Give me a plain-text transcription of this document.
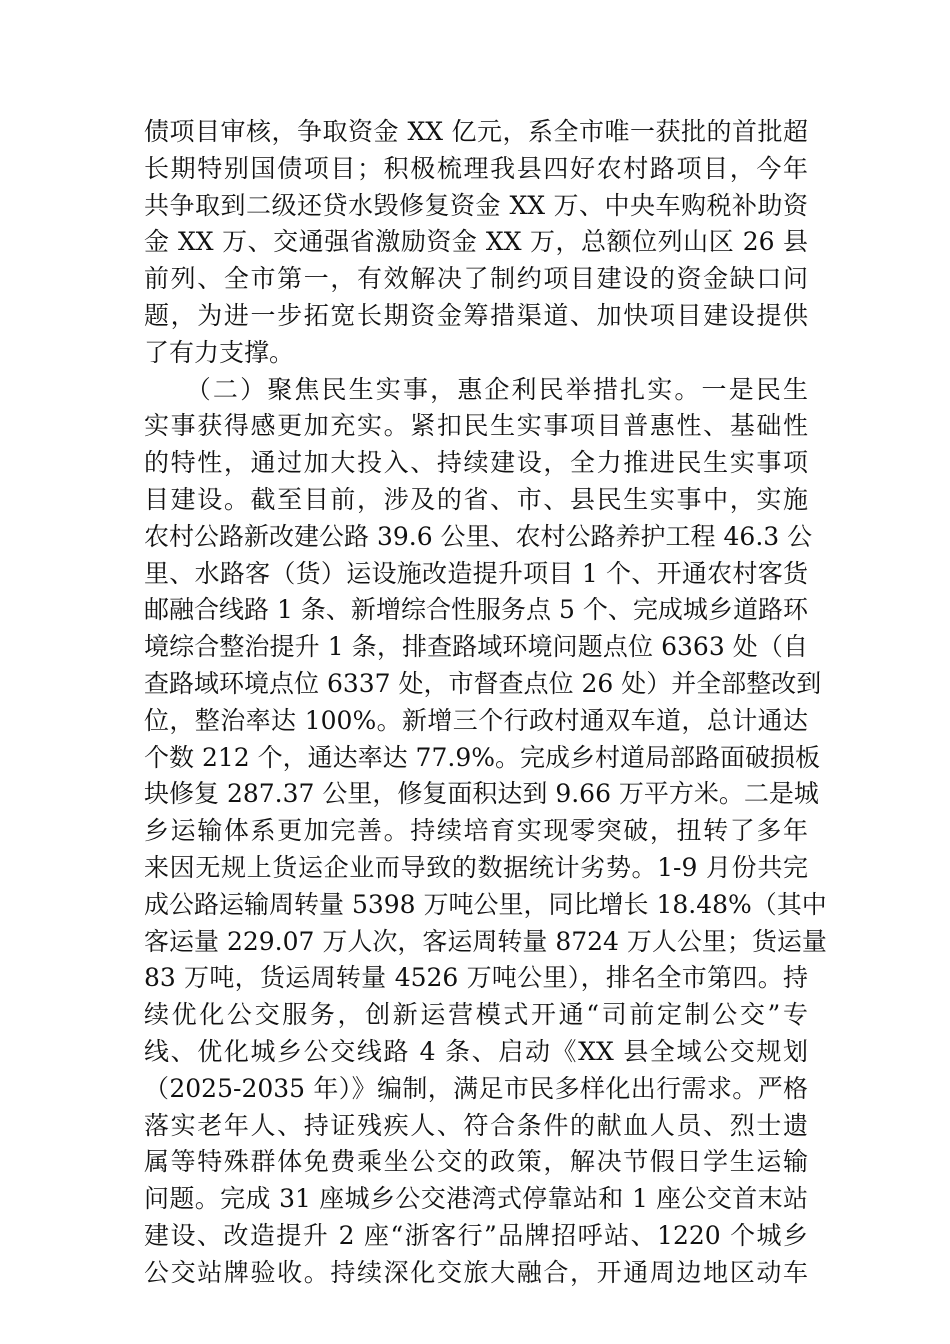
债项目审核，争取资金 XX 亿元，系全市唯一获批的首批超
长期特别国债项目；积极梳理我县四好农村路项目，今年
共争取到二级还贷水毁修复资金 XX 万、中央车购税补助资
金 XX 万、交通强省激励资金 XX 万，总额位列山区 26 县
前列、全市第一，有效解决了制约项目建设的资金缺口问
题，为进一步拓宽长期资金筹措渠道、加快项目建设提供
了有力支撑。
　　（二）聚焦民生实事，惠企利民举措扎实。一是民生
实事获得感更加充实。紧扣民生实事项目普惠性、基础性
的特性，通过加大投入、持续建设，全力推进民生实事项
目建设。截至目前，涉及的省、市、县民生实事中，实施
农村公路新改建公路 39.6 公里、农村公路养护工程 46.3 公
里、水路客（货）运设施改造提升项目 1 个、开通农村客货
邮融合线路 1 条、新增综合性服务点 5 个、完成城乡道路环
境综合整治提升 1 条，排查路域环境问题点位 6363 处（自
查路域环境点位 6337 处，市督查点位 26 处）并全部整改到
位，整治率达 100%。新增三个行政村通双车道，总计通达
个数 212 个，通达率达 77.9%。完成乡村道局部路面破损板
块修复 287.37 公里，修复面积达到 9.66 万平方米。二是城
乡运输体系更加完善。持续培育实现零突破，扭转了多年
来因无规上货运企业而导致的数据统计劣势。1-9 月份共完
成公路运输周转量 5398 万吨公里，同比增长 18.48%（其中
客运量 229.07 万人次，客运周转量 8724 万人公里；货运量
83 万吨，货运周转量 4526 万吨公里），排名全市第四。持
续优化公交服务，创新运营模式开通“司前定制公交”专
线、优化城乡公交线路 4 条、启动《XX 县全域公交规划
（2025-2035 年）》编制，满足市民多样化出行需求。严格
落实老年人、持证残疾人、符合条件的献血人员、烈士遗
属等特殊群体免费乘坐公交的政策，解决节假日学生运输
问题。完成 31 座城乡公交港湾式停靠站和 1 座公交首末站
建设、改造提升 2 座“浙客行”品牌招呼站、1220 个城乡
公交站牌验收。持续深化交旅大融合，开通周边地区动车
